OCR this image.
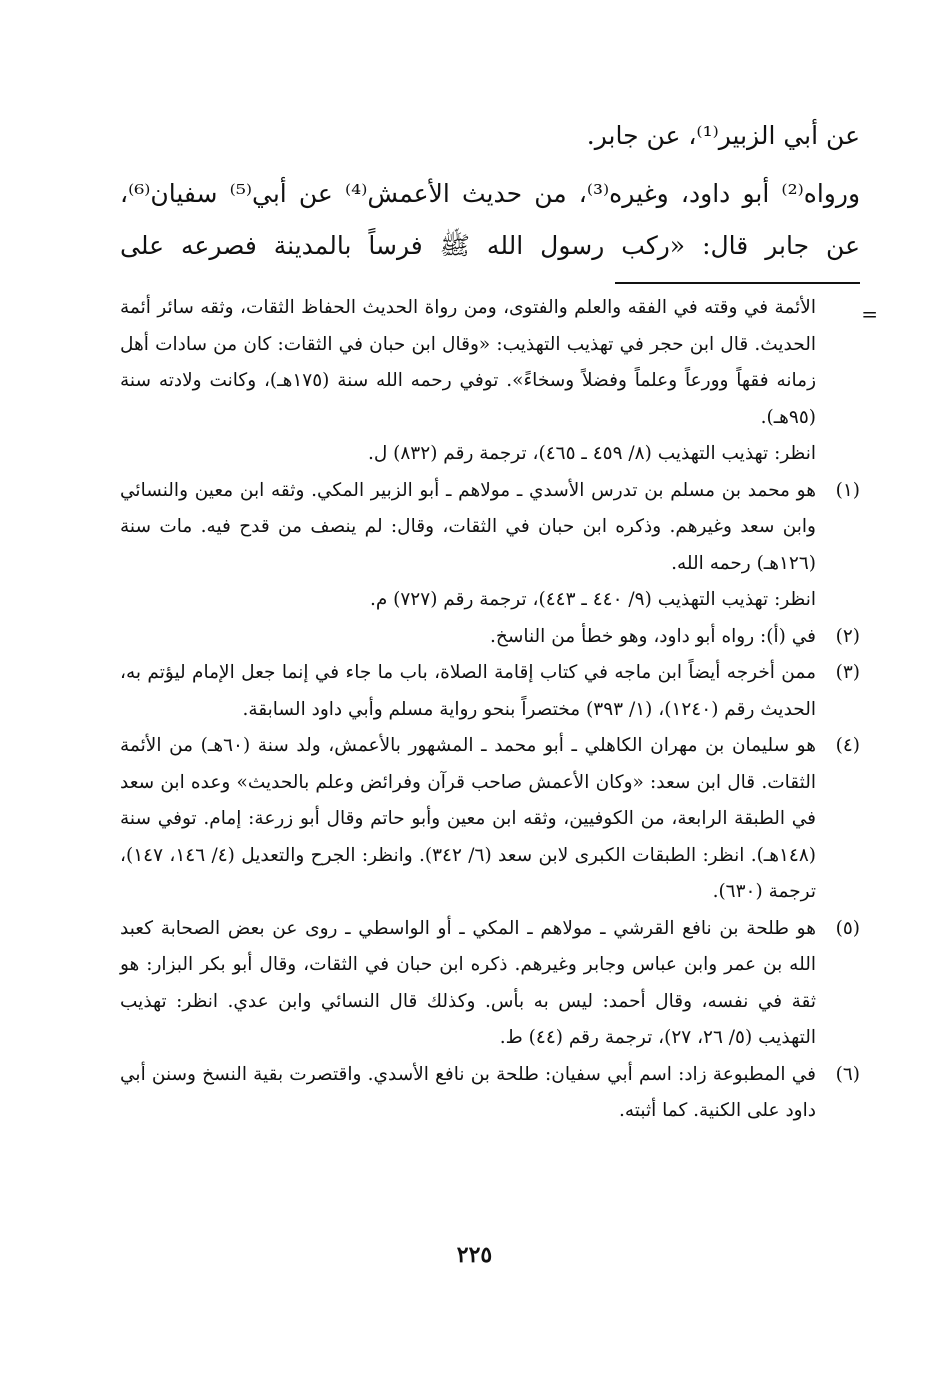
عن أبي الزبير⁽¹⁾، عن جابر.

ورواه⁽²⁾ أبو داود، وغيره⁽³⁾، من حديث الأعمش⁽⁴⁾ عن أبي⁽⁵⁾ سفيان⁽⁶⁾،

عن جابر قال: «ركب رسول الله ﷺ فرساً بالمدينة فصرعه على

=

الأئمة في وقته في الفقه والعلم والفتوى، ومن رواة الحديث الحفاظ الثقات، وثقه سائر أئمة الحديث. قال ابن حجر في تهذيب التهذيب: «وقال ابن حبان في الثقات: كان من سادات أهل زمانه فقهاً وورعاً وعلماً وفضلاً وسخاءً». توفي رحمه الله سنة (١٧٥هـ)، وكانت ولادته سنة (٩٥هـ).

انظر: تهذيب التهذيب (٨/ ٤٥٩ ـ ٤٦٥)، ترجمة رقم (٨٣٢) ل.

(١)

هو محمد بن مسلم بن تدرس الأسدي ـ مولاهم ـ أبو الزبير المكي. وثقه ابن معين والنسائي وابن سعد وغيرهم. وذكره ابن حبان في الثقات، وقال: لم ينصف من قدح فيه. مات سنة (١٢٦هـ) رحمه الله.

انظر: تهذيب التهذيب (٩/ ٤٤٠ ـ ٤٤٣)، ترجمة رقم (٧٢٧) م.

(٢)

في (أ): رواه أبو داود، وهو خطأ من الناسخ.

(٣)

ممن أخرجه أيضاً ابن ماجه في كتاب إقامة الصلاة، باب ما جاء في إنما جعل الإمام ليؤتم به، الحديث رقم (١٢٤٠)، (١/ ٣٩٣) مختصراً بنحو رواية مسلم وأبي داود السابقة.

(٤)

هو سليمان بن مهران الكاهلي ـ أبو محمد ـ المشهور بالأعمش، ولد سنة (٦٠هـ) من الأئمة الثقات. قال ابن سعد: «وكان الأعمش صاحب قرآن وفرائض وعلم بالحديث» وعده ابن سعد في الطبقة الرابعة، من الكوفيين، وثقه ابن معين وأبو حاتم وقال أبو زرعة: إمام. توفي سنة (١٤٨هـ). انظر: الطبقات الكبرى لابن سعد (٦/ ٣٤٢). وانظر: الجرح والتعديل (٤/ ١٤٦، ١٤٧)، ترجمة (٦٣٠).

(٥)

هو طلحة بن نافع القرشي ـ مولاهم ـ المكي ـ أو الواسطي ـ روى عن بعض الصحابة كعبد الله بن عمر وابن عباس وجابر وغيرهم. ذكره ابن حبان في الثقات، وقال أبو بكر البزار: هو ثقة في نفسه، وقال أحمد: ليس به بأس. وكذلك قال النسائي وابن عدي. انظر: تهذيب التهذيب (٥/ ٢٦، ٢٧)، ترجمة رقم (٤٤) ط.

(٦)

في المطبوعة زاد: اسم أبي سفيان: طلحة بن نافع الأسدي. واقتصرت بقية النسخ وسنن أبي داود على الكنية. كما أثبته.

٢٢٥
